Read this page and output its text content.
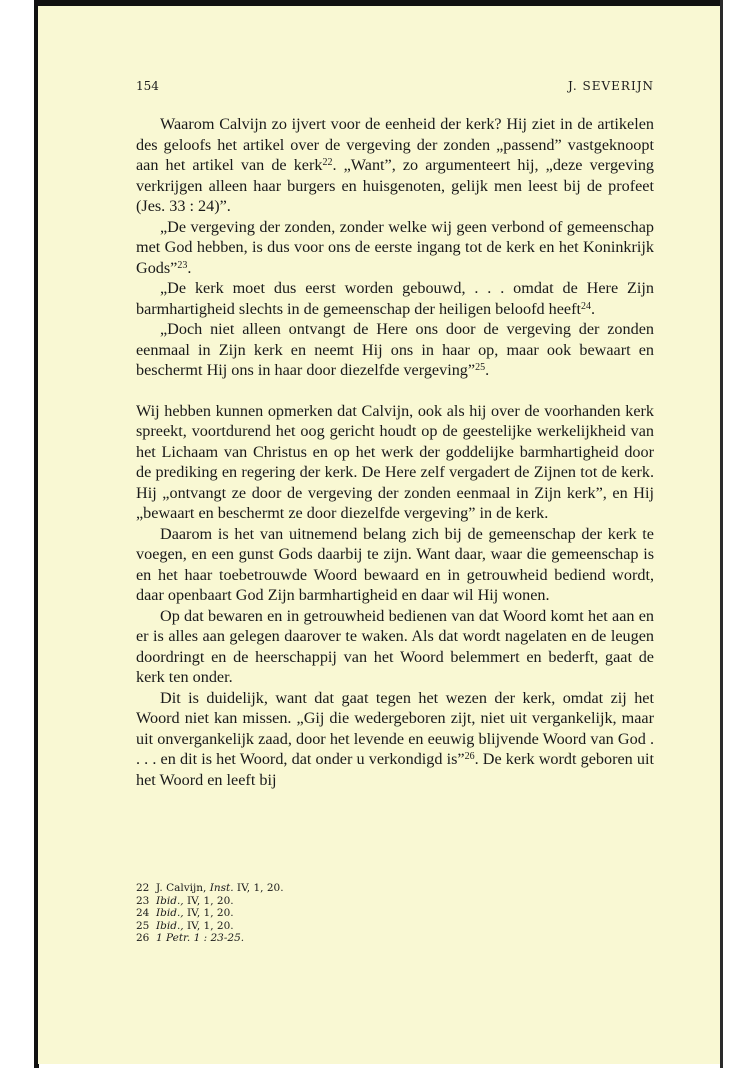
154	J. SEVERIJN

Waarom Calvijn zo ijvert voor de eenheid der kerk? Hij ziet in de artikelen des geloofs het artikel over de vergeving der zonden „passend” vastgeknoopt aan het artikel van de kerk$^{22}$. „Want”, zo argumenteert hij, „deze vergeving verkrijgen alleen haar burgers en huisgenoten, gelijk men leest bij de profeet (Jes. 33 : 24)”.

„De vergeving der zonden, zonder welke wij geen verbond of gemeenschap met God hebben, is dus voor ons de eerste ingang tot de kerk en het Koninkrijk Gods”$^{23}$.

„De kerk moet dus eerst worden gebouwd, . . . omdat de Here Zijn barmhartigheid slechts in de gemeenschap der heiligen beloofd heeft$^{24}$.

„Doch niet alleen ontvangt de Here ons door de vergeving der zonden eenmaal in Zijn kerk en neemt Hij ons in haar op, maar ook bewaart en beschermt Hij ons in haar door diezelfde vergeving”$^{25}$.

Wij hebben kunnen opmerken dat Calvijn, ook als hij over de voorhanden kerk spreekt, voortdurend het oog gericht houdt op de geestelijke werkelijkheid van het Lichaam van Christus en op het werk der goddelijke barmhartigheid door de prediking en regering der kerk. De Here zelf vergadert de Zijnen tot de kerk. Hij „ontvangt ze door de vergeving der zonden eenmaal in Zijn kerk”, en Hij „bewaart en beschermt ze door diezelfde vergeving” in de kerk.

Daarom is het van uitnemend belang zich bij de gemeenschap der kerk te voegen, en een gunst Gods daarbij te zijn. Want daar, waar die gemeenschap is en het haar toebetrouwde Woord bewaard en in getrouwheid bediend wordt, daar openbaart God Zijn barmhartigheid en daar wil Hij wonen.

Op dat bewaren en in getrouwheid bedienen van dat Woord komt het aan en er is alles aan gelegen daarover te waken. Als dat wordt nagelaten en de leugen doordringt en de heerschappij van het Woord belemmert en bederft, gaat de kerk ten onder.

Dit is duidelijk, want dat gaat tegen het wezen der kerk, omdat zij het Woord niet kan missen. „Gij die wedergeboren zijt, niet uit vergankelijk, maar uit onvergankelijk zaad, door het levende en eeuwig blijvende Woord van God . . . . en dit is het Woord, dat onder u verkondigd is”$^{26}$. De kerk wordt geboren uit het Woord en leeft bij

22 J. Calvijn, Inst. IV, 1, 20.
23 Ibid., IV, 1, 20.
24 Ibid., IV, 1, 20.
25 Ibid., IV, 1, 20.
26 1 Petr. 1 : 23-25.
